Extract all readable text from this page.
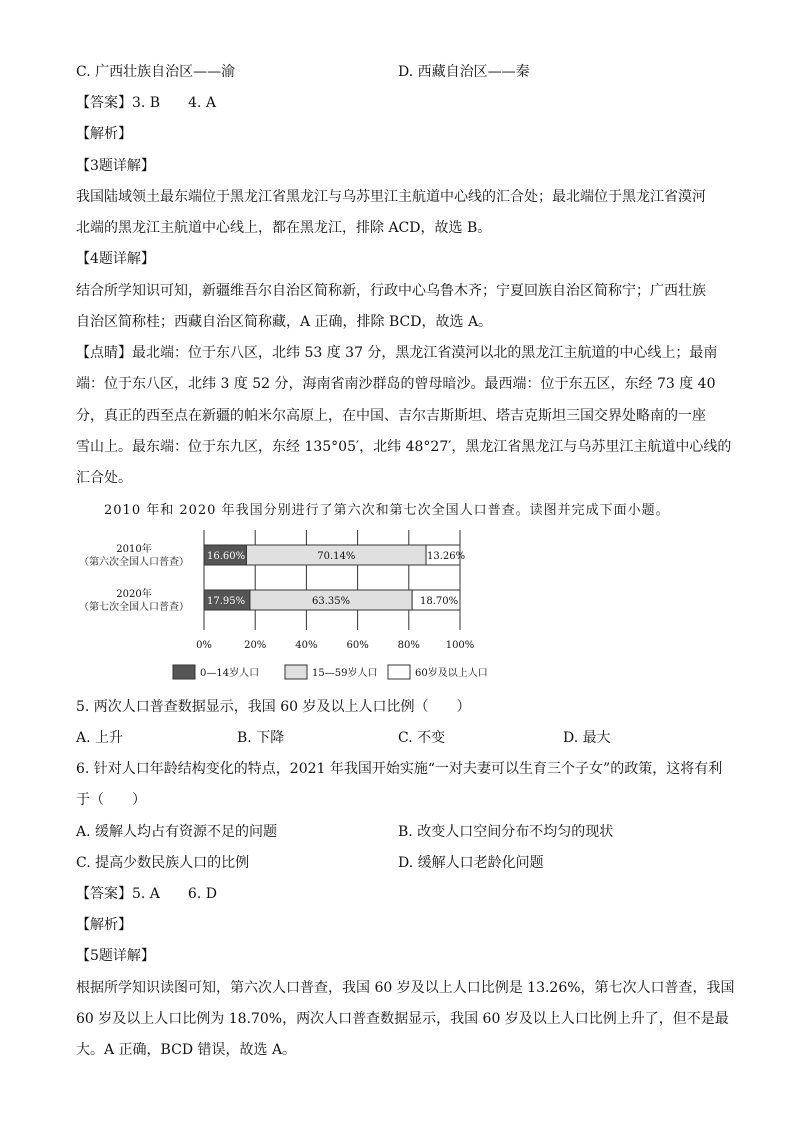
C. 广西壮族自治区——渝	D. 西藏自治区——秦
【答案】3. B　　4. A
【解析】
【3题详解】
我国陆域领土最东端位于黑龙江省黑龙江与乌苏里江主航道中心线的汇合处；最北端位于黑龙江省漠河
北端的黑龙江主航道中心线上，都在黑龙江，排除 ACD，故选 B。
【4题详解】
结合所学知识可知，新疆维吾尔自治区简称新，行政中心乌鲁木齐；宁夏回族自治区简称宁；广西壮族
自治区简称桂；西藏自治区简称藏，A 正确，排除 BCD，故选 A。
【点睛】最北端：位于东八区，北纬 53 度 37 分，黑龙江省漠河以北的黑龙江主航道的中心线上；最南
端：位于东八区，北纬 3 度 52 分，海南省南沙群岛的曾母暗沙。最西端：位于东五区，东经 73 度 40
分，真正的西至点在新疆的帕米尔高原上，在中国、吉尔吉斯斯坦、塔吉克斯坦三国交界处略南的一座
雪山上。最东端：位于东九区，东经 135°05′，北纬 48°27′，黑龙江省黑龙江与乌苏里江主航道中心线的
汇合处。
2010 年和 2020 年我国分别进行了第六次和第七次全国人口普查。读图并完成下面小题。
16.60%	70.14%	13.26%
17.95%	63.35%	18.70%
2010年
（第六次全国人口普查）
2020年
（第七次全国人口普查）
0%	20%	40%	60%	80%	100%
0—14岁人口	15—59岁人口	60岁及以上人口
5. 两次人口普查数据显示，我国 60 岁及以上人口比例（　　）
A. 上升	B. 下降	C. 不变	D. 最大
6. 针对人口年龄结构变化的特点，2021 年我国开始实施“一对夫妻可以生育三个子女”的政策，这将有利
于（　　）
A. 缓解人均占有资源不足的问题	B. 改变人口空间分布不均匀的现状
C. 提高少数民族人口的比例	D. 缓解人口老龄化问题
【答案】5. A　　6. D
【解析】
【5题详解】
根据所学知识读图可知，第六次人口普查，我国 60 岁及以上人口比例是 13.26%，第七次人口普查，我国
60 岁及以上人口比例为 18.70%，两次人口普查数据显示，我国 60 岁及以上人口比例上升了，但不是最
大。A 正确，BCD 错误，故选 A。
